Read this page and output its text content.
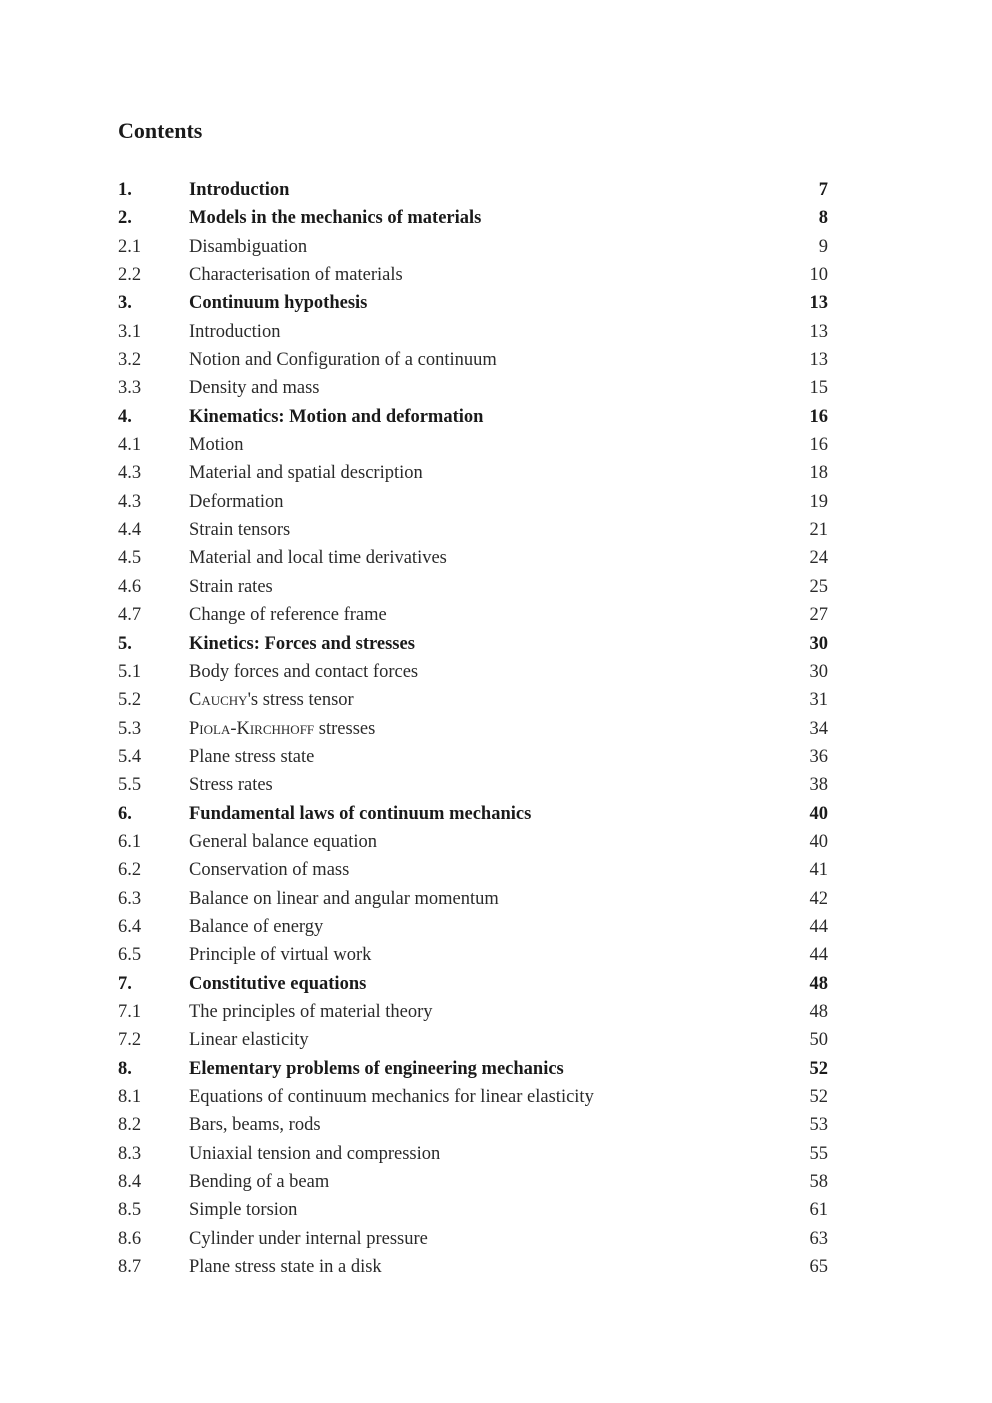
Contents
1.	Introduction	7
2.	Models in the mechanics of materials	8
2.1	Disambiguation	9
2.2	Characterisation of materials	10
3.	Continuum hypothesis	13
3.1	Introduction	13
3.2	Notion and Configuration of a continuum	13
3.3	Density and mass	15
4.	Kinematics: Motion and deformation	16
4.1	Motion	16
4.3	Material and spatial description	18
4.3	Deformation	19
4.4	Strain tensors	21
4.5	Material and local time derivatives	24
4.6	Strain rates	25
4.7	Change of reference frame	27
5.	Kinetics: Forces and stresses	30
5.1	Body forces and contact forces	30
5.2	Cauchy's stress tensor	31
5.3	Piola-Kirchhoff stresses	34
5.4	Plane stress state	36
5.5	Stress rates	38
6.	Fundamental laws of continuum mechanics	40
6.1	General balance equation	40
6.2	Conservation of mass	41
6.3	Balance on linear and angular momentum	42
6.4	Balance of energy	44
6.5	Principle of virtual work	44
7.	Constitutive equations	48
7.1	The principles of material theory	48
7.2	Linear elasticity	50
8.	Elementary problems of engineering mechanics	52
8.1	Equations of continuum mechanics for linear elasticity	52
8.2	Bars, beams, rods	53
8.3	Uniaxial tension and compression	55
8.4	Bending of a beam	58
8.5	Simple torsion	61
8.6	Cylinder under internal pressure	63
8.7	Plane stress state in a disk	65
